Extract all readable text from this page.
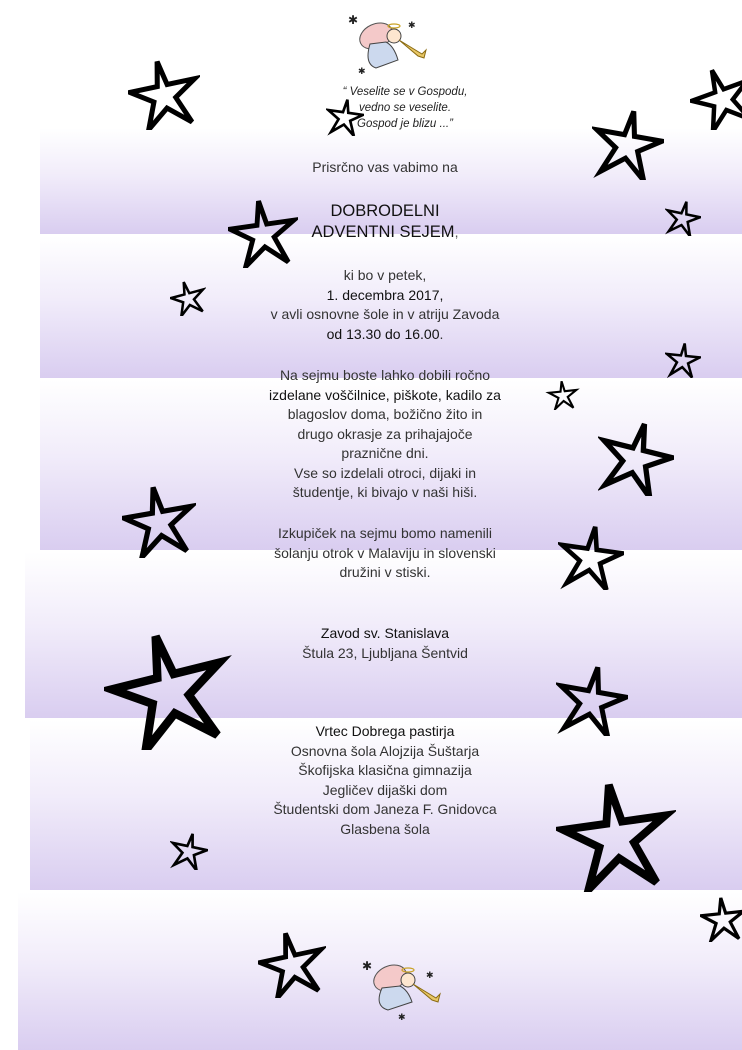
✱	✱
✱
✱
✱
✱
“ Veselite se v Gospodu,
vedno se veselite.
Gospod je blizu ...”
Prisrčno vas vabimo na
DOBRODELNI
ADVENTNI SEJEM,
ki bo v petek,
1. decembra 2017,
v avli osnovne šole in v atriju Zavoda
od 13.30 do 16.00.
Na sejmu boste lahko dobili ročno
izdelane voščilnice, piškote, kadilo za
blagoslov doma, božično žito in
drugo okrasje za prihajajoče
praznične dni.
Vse so izdelali otroci, dijaki in
študentje, ki bivajo v naši hiši.
Izkupiček na sejmu bomo namenili
šolanju otrok v Malaviju in slovenski
družini v stiski.
Zavod sv. Stanislava
Štula 23, Ljubljana Šentvid
Vrtec Dobrega pastirja
Osnovna šola Alojzija Šuštarja
Škofijska klasična gimnazija
Jegličev dijaški dom
Študentski dom Janeza F. Gnidovca
Glasbena šola
